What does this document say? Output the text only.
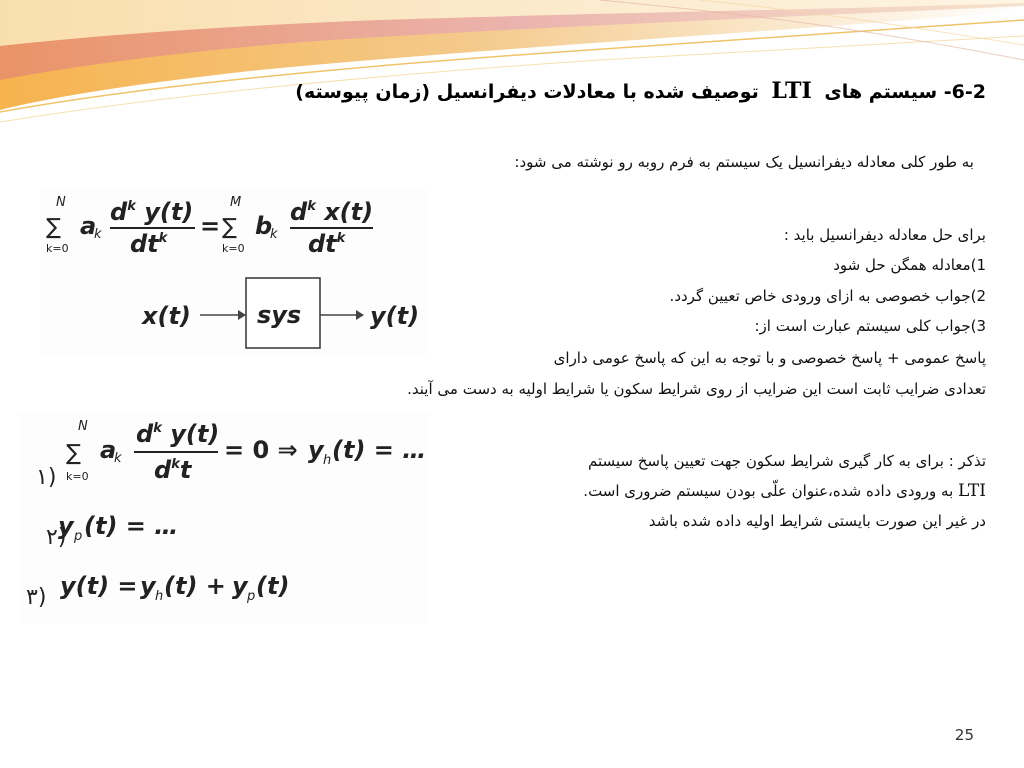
6-2- سیستم های LTI توصیف شده با معادلات دیفرانسیل (زمان پیوسته)
به طور کلی معادله دیفرانسیل یک سیستم به فرم روبه رو نوشته می شود:
N
∑
k=0
a
k
$d^k$ y(t)
$dt^k$ =
M
∑
k=0
b
k
$d^k$ x(t)
$dt^k$
x(t)	sys	y(t)
برای حل معادله دیفرانسیل باید :
1)معادله همگن حل شود
2)جواب خصوصی به ازای ورودی خاص تعیین گردد.
3)جواب کلی سیستم عبارت است از:
پاسخ عمومی + پاسخ خصوصی و با توجه به این که پاسخ عومی دارای
تعدادی ضرایب ثابت است این ضرایب از روی شرایط سکون یا شرایط اولیه به دست می آیند.
N
∑
k=0
a
k
$d^k$ y(t)
$d^kt$
= 0 ⇒ y h (t) = …
۱)
y p (t) = …
۲)
y(t) = y h (t) + y p (t)
۳)
تذکر : برای به کار گیری شرایط سکون جهت تعیین پاسخ سیستم
LTI به ورودی داده شده،عنوان علّی بودن سیستم ضروری است.
در غیر این صورت بایستی شرایط اولیه داده شده باشد
25
